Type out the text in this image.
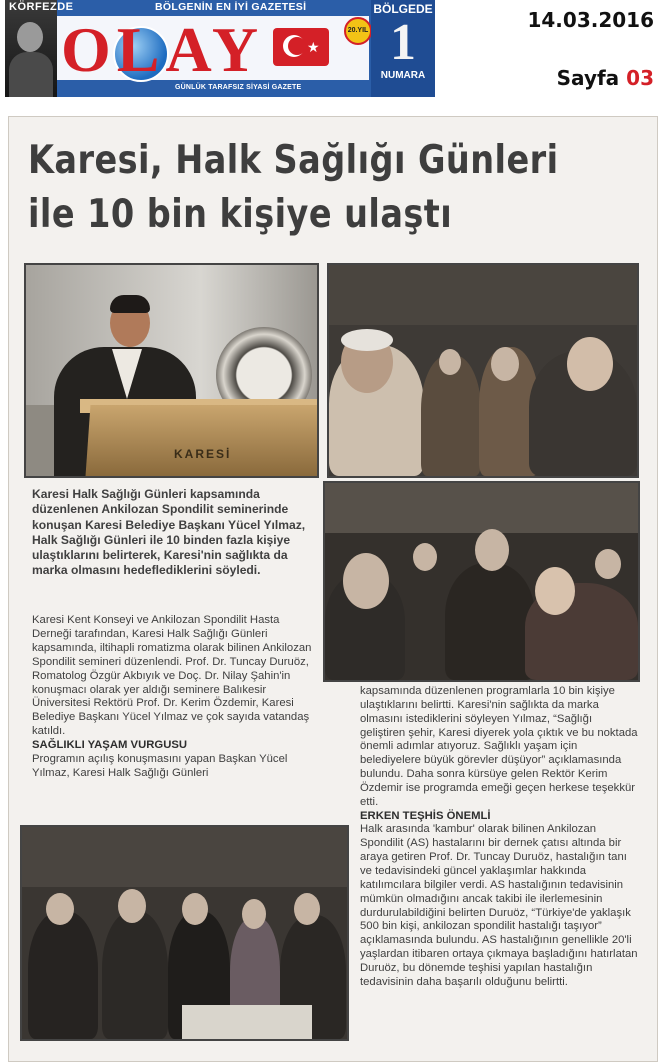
OLAY	★
20.YIL
KÖRFEZDE	BÖLGENİN EN İYİ GAZETESİ
GÜNLÜK TARAFSIZ SİYASİ GAZETE
BÖLGEDE
1
NUMARA
14.03.2016
Sayfa 03
Karesi, Halk Sağlığı Günleri
ile 10 bin kişiye ulaştı
KARESİ
Karesi Halk Sağlığı Günleri kapsamında düzenlenen Ankilozan Spondilit seminerinde konuşan Karesi Belediye Başkanı Yücel Yılmaz, Halk Sağlığı Günleri ile 10 binden fazla kişiye ulaştıklarını belirterek, Karesi'nin sağlıkta da marka olmasını hedeflediklerini söyledi.

Karesi Kent Konseyi ve Ankilozan Spondilit Hasta Derneği tarafından, Karesi Halk Sağlığı Günleri kapsamında, iltihapli romatizma olarak bilinen Ankilozan Spondilit semineri düzenlendi. Prof. Dr. Tuncay Duruöz, Romatolog Özgür Akbıyık ve Doç. Dr. Nilay Şahin'in konuşmacı olarak yer aldığı seminere Balıkesir Üniversitesi Rektörü Prof. Dr. Kerim Özdemir, Karesi Belediye Başkanı Yücel Yılmaz ve çok sayıda vatandaş katıldı.

SAĞLIKLI YAŞAM VURGUSU

Programın açılış konuşmasını yapan Başkan Yücel Yılmaz, Karesi Halk Sağlığı Günleri

kapsamında düzenlenen programlarla 10 bin kişiye ulaştıklarını belirtti. Karesi'nin sağlıkta da marka olmasını istediklerini söyleyen Yılmaz, “Sağlığı geliştiren şehir, Karesi diyerek yola çıktık ve bu noktada önemli adımlar atıyoruz. Sağlıklı yaşam için belediyelere büyük görevler düşüyor” açıklamasında bulundu. Daha sonra kürsüye gelen Rektör Kerim Özdemir ise programda emeği geçen herkese teşekkür etti.

ERKEN TEŞHİS ÖNEMLİ

Halk arasında 'kambur' olarak bilinen Ankilozan Spondilit (AS) hastalarını bir dernek çatısı altında bir araya getiren Prof. Dr. Tuncay Duruöz, hastalığın tanı ve tedavisindeki güncel yaklaşımlar hakkında katılımcılara bilgiler verdi. AS hastalığının tedavisinin mümkün olmadığını ancak takibi ile ilerlemesinin durdurulabildiğini belirten Duruöz, “Türkiye'de yaklaşık 500 bin kişi, ankilozan spondilit hastalığı taşıyor” açıklamasında bulundu. AS hastalığının genellikle 20'li yaşlardan itibaren ortaya çıkmaya başladığını hatırlatan Duruöz, bu dönemde teşhisi yapılan hastalığın tedavisinin daha başarılı olduğunu belirtti.
